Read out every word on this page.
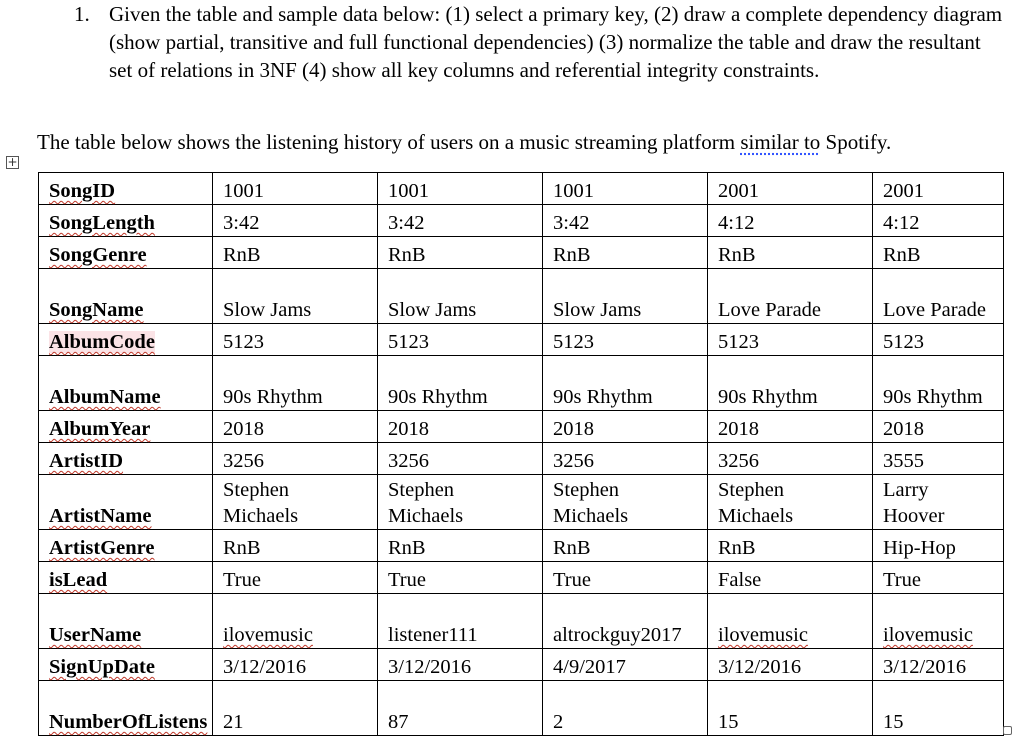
1. Given the table and sample data below: (1) select a primary key, (2) draw a complete dependency diagram (show partial, transitive and full functional dependencies) (3) normalize the table and draw the resultant set of relations in 3NF (4) show all key columns and referential integrity constraints.
The table below shows the listening history of users on a music streaming platform similar to Spotify.
+
SongID	1001	1001	1001	2001	2001
SongLength	3:42	3:42	3:42	4:12	4:12
SongGenre	RnB	RnB	RnB	RnB	RnB
SongName	Slow Jams	Slow Jams	Slow Jams	Love Parade	Love Parade
AlbumCode	5123	5123	5123	5123	5123
AlbumName	90s Rhythm	90s Rhythm	90s Rhythm	90s Rhythm	90s Rhythm
AlbumYear	2018	2018	2018	2018	2018
ArtistID	3256	3256	3256	3256	3555
ArtistName	Stephen Michaels	Stephen Michaels	Stephen Michaels	Stephen Michaels	Larry Hoover
ArtistGenre	RnB	RnB	RnB	RnB	Hip-Hop
isLead	True	True	True	False	True
UserName	ilovemusic	listener111	altrockguy2017	ilovemusic	ilovemusic
SignUpDate	3/12/2016	3/12/2016	4/9/2017	3/12/2016	3/12/2016
NumberOfListens	21	87	2	15	15
